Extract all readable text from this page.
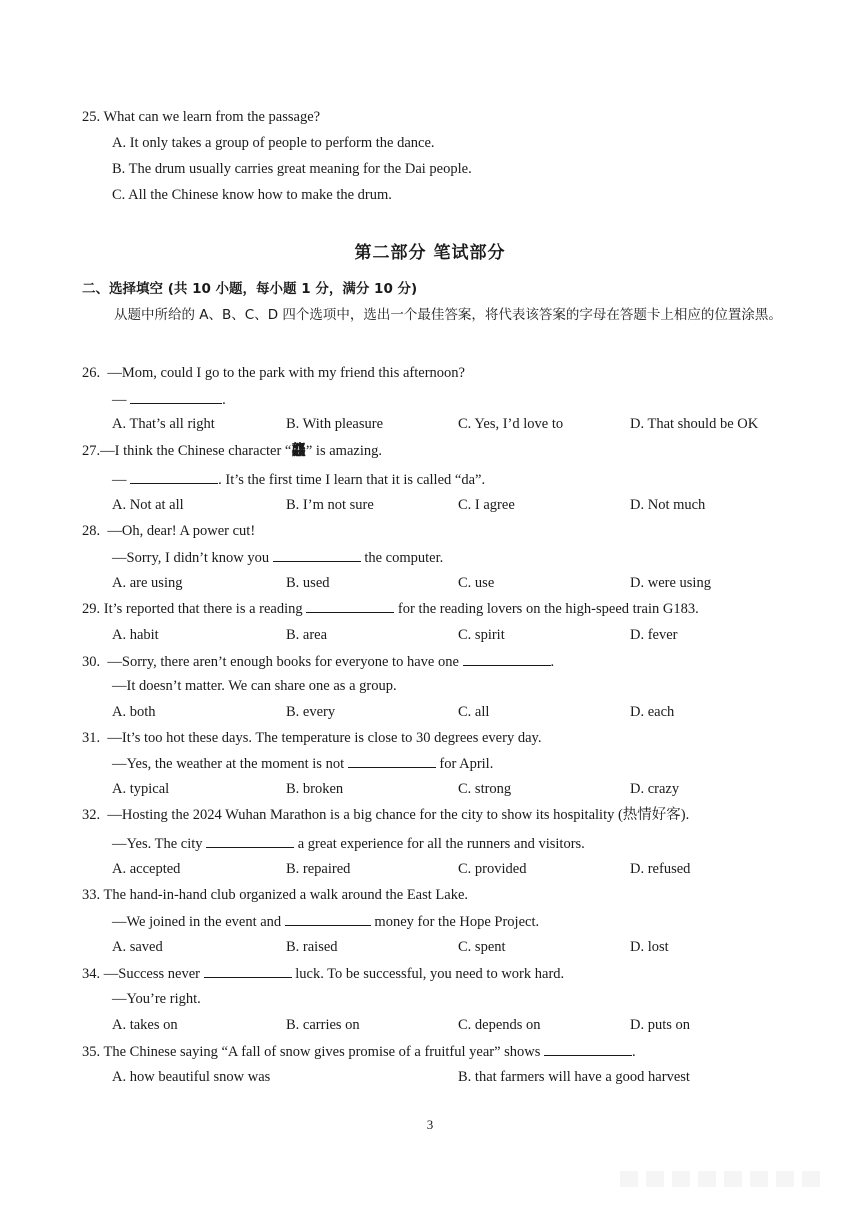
25. What can we learn from the passage?
A. It only takes a group of people to perform the dance.
B. The drum usually carries great meaning for the Dai people.
C. All the Chinese know how to make the drum.
第二部分 笔试部分
二、选择填空 (共 10 小题，每小题 1 分，满分 10 分)
从题中所给的 A、B、C、D 四个选项中，选出一个最佳答案，将代表该答案的字母在答题卡上相应的位置涂黑。
26. —Mom, could I go to the park with my friend this afternoon?
—	.
A. That’s all right	B. With pleasure	C. Yes, I’d love to	D. That should be OK
27.—I think the Chinese character “龘” is amazing.
—	. It’s the first time I learn that it is called “da”.
A. Not at all	B. I’m not sure	C. I agree	D. Not much
28. —Oh, dear! A power cut!
—Sorry, I didn’t know you	the computer.
A. are using	B. used	C. use	D. were using
29. It’s reported that there is a reading	for the reading lovers on the high-speed train G183.
A. habit	B. area	C. spirit	D. fever
30. —Sorry, there aren’t enough books for everyone to have one	.
—It doesn’t matter. We can share one as a group.
A. both	B. every	C. all	D. each
31. —It’s too hot these days. The temperature is close to 30 degrees every day.
—Yes, the weather at the moment is not	for April.
A. typical	B. broken	C. strong	D. crazy
32. —Hosting the 2024 Wuhan Marathon is a big chance for the city to show its hospitality (热情好客).
—Yes. The city	a great experience for all the runners and visitors.
A. accepted	B. repaired	C. provided	D. refused
33. The hand-in-hand club organized a walk around the East Lake.
—We joined in the event and	money for the Hope Project.
A. saved	B. raised	C. spent	D. lost
34. —Success never	luck. To be successful, you need to work hard.
—You’re right.
A. takes on	B. carries on	C. depends on	D. puts on
35. The Chinese saying “A fall of snow gives promise of a fruitful year” shows	.
A. how beautiful snow was	B. that farmers will have a good harvest
3
